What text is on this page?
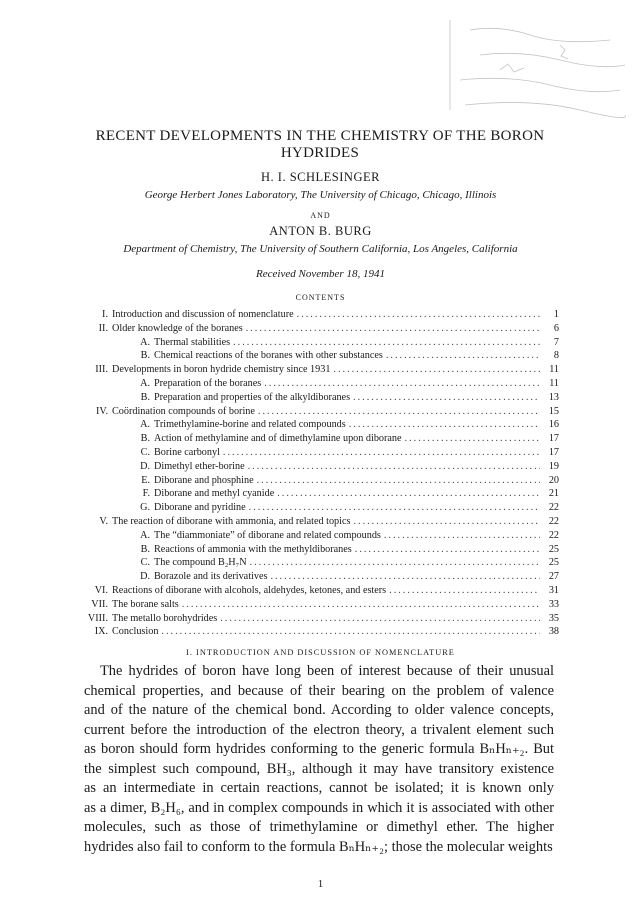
RECENT DEVELOPMENTS IN THE CHEMISTRY OF THE BORON
HYDRIDES
H. I. SCHLESINGER
George Herbert Jones Laboratory, The University of Chicago, Chicago, Illinois
AND
ANTON B. BURG
Department of Chemistry, The University of Southern California, Los Angeles, California
Received November 18, 1941
CONTENTS
I. Introduction and discussion of nomenclature .....	1
II. Older knowledge of the boranes .....	6
A. Thermal stabilities .....	7
B. Chemical reactions of the boranes with other substances .....	8
III. Developments in boron hydride chemistry since 1931 .....	11
A. Preparation of the boranes .....	11
B. Preparation and properties of the alkyldiboranes .....	13
IV. Coördination compounds of borine .....	15
A. Trimethylamine-borine and related compounds .....	16
B. Action of methylamine and of dimethylamine upon diborane .....	17
C. Borine carbonyl .....	17
D. Dimethyl ether-borine .....	19
E. Diborane and phosphine .....	20
F. Diborane and methyl cyanide .....	21
G. Diborane and pyridine .....	22
V. The reaction of diborane with ammonia, and related topics .....	22
A. The “diammoniate” of diborane and related compounds .....	22
B. Reactions of ammonia with the methyldiboranes .....	25
C. The compound B₂H₇N .....	25
D. Borazole and its derivatives .....	27
VI. Reactions of diborane with alcohols, aldehydes, ketones, and esters .....	31
VII. The borane salts .....	33
VIII. The metallo borohydrides .....	35
IX. Conclusion .....	38
I. INTRODUCTION AND DISCUSSION OF NOMENCLATURE
The hydrides of boron have long been of interest because of their unusual
chemical properties, and because of their bearing on the problem of valence
and of the nature of the chemical bond. According to older valence concepts,
current before the introduction of the electron theory, a trivalent element such
as boron should form hydrides conforming to the generic formula BₙHₙ₊₂. But
the simplest such compound, BH₃, although it may have transitory existence
as an intermediate in certain reactions, cannot be isolated; it is known only
as a dimer, B₂H₆, and in complex compounds in which it is associated with other
molecules, such as those of trimethylamine or dimethyl ether. The higher
hydrides also fail to conform to the formula BₙHₙ₊₂; those the molecular weights
1
